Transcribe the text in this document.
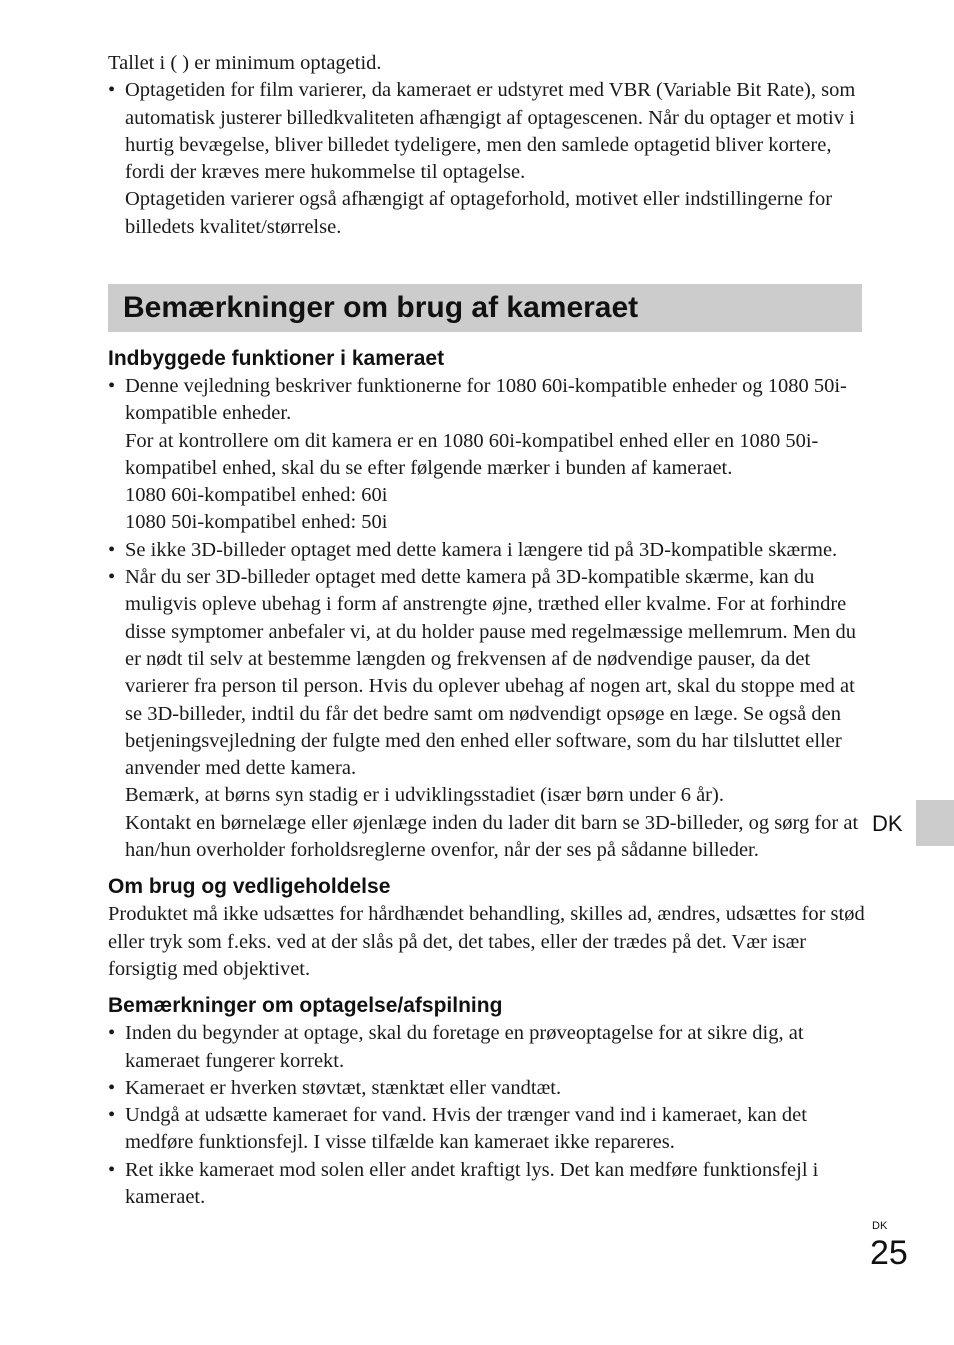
Tallet i ( ) er minimum optagetid.

• Optagetiden for film varierer, da kameraet er udstyret med VBR (Variable Bit Rate), som automatisk justerer billedkvaliteten afhængigt af optagescenen. Når du optager et motiv i hurtig bevægelse, bliver billedet tydeligere, men den samlede optagetid bliver kortere, fordi der kræves mere hukommelse til optagelse.
Optagetiden varierer også afhængigt af optageforhold, motivet eller indstillingerne for billedets kvalitet/størrelse.
Bemærkninger om brug af kameraet
Indbyggede funktioner i kameraet
• Denne vejledning beskriver funktionerne for 1080 60i-kompatible enheder og 1080 50i-kompatible enheder.
For at kontrollere om dit kamera er en 1080 60i-kompatibel enhed eller en 1080 50i-kompatibel enhed, skal du se efter følgende mærker i bunden af kameraet.
1080 60i-kompatibel enhed: 60i
1080 50i-kompatibel enhed: 50i
• Se ikke 3D-billeder optaget med dette kamera i længere tid på 3D-kompatible skærme.
• Når du ser 3D-billeder optaget med dette kamera på 3D-kompatible skærme, kan du muligvis opleve ubehag i form af anstrengte øjne, træthed eller kvalme. For at forhindre disse symptomer anbefaler vi, at du holder pause med regelmæssige mellemrum. Men du er nødt til selv at bestemme længden og frekvensen af de nødvendige pauser, da det varierer fra person til person. Hvis du oplever ubehag af nogen art, skal du stoppe med at se 3D-billeder, indtil du får det bedre samt om nødvendigt opsøge en læge. Se også den betjeningsvejledning der fulgte med den enhed eller software, som du har tilsluttet eller anvender med dette kamera.
Bemærk, at børns syn stadig er i udviklingsstadiet (især børn under 6 år).
Kontakt en børnelæge eller øjenlæge inden du lader dit barn se 3D-billeder, og sørg for at han/hun overholder forholdsreglerne ovenfor, når der ses på sådanne billeder.
Om brug og vedligeholdelse

Produktet må ikke udsættes for hårdhændet behandling, skilles ad, ændres, udsættes for stød eller tryk som f.eks. ved at der slås på det, det tabes, eller der trædes på det. Vær især forsigtig med objektivet.

Bemærkninger om optagelse/afspilning
• Inden du begynder at optage, skal du foretage en prøveoptagelse for at sikre dig, at kameraet fungerer korrekt.
• Kameraet er hverken støvtæt, stænktæt eller vandtæt.
• Undgå at udsætte kameraet for vand. Hvis der trænger vand ind i kameraet, kan det medføre funktionsfejl. I visse tilfælde kan kameraet ikke repareres.
• Ret ikke kameraet mod solen eller andet kraftigt lys. Det kan medføre funktionsfejl i kameraet.
DK
DK
25
